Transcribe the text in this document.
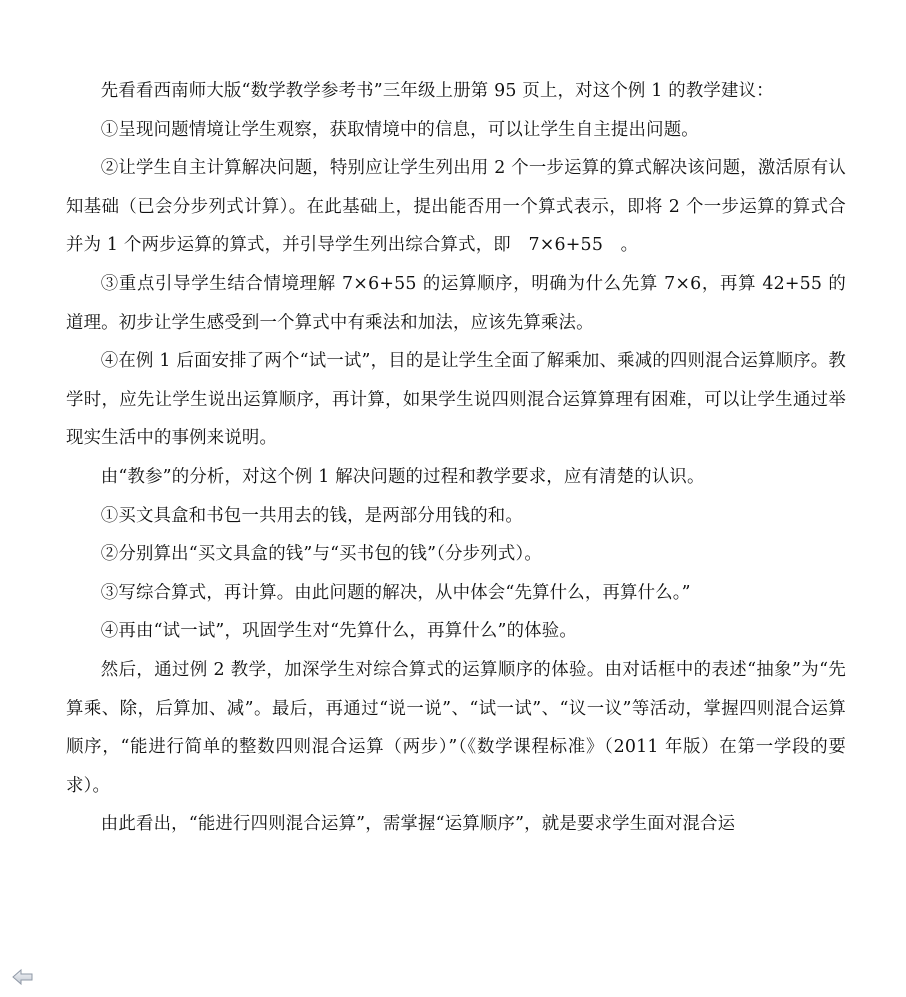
先看看西南师大版“数学教学参考书”三年级上册第 95 页上，对这个例 1 的教学建议：

①呈现问题情境让学生观察，获取情境中的信息，可以让学生自主提出问题。

②让学生自主计算解决问题，特别应让学生列出用 2 个一步运算的算式解决该问题，激活原有认知基础（已会分步列式计算）。在此基础上，提出能否用一个算式表示，即将 2 个一步运算的算式合并为 1 个两步运算的算式，并引导学生列出综合算式，即　7×6+55　。

③重点引导学生结合情境理解 7×6+55 的运算顺序，明确为什么先算 7×6，再算 42+55 的道理。初步让学生感受到一个算式中有乘法和加法，应该先算乘法。

④在例 1 后面安排了两个“试一试”，目的是让学生全面了解乘加、乘减的四则混合运算顺序。教学时，应先让学生说出运算顺序，再计算，如果学生说四则混合运算算理有困难，可以让学生通过举现实生活中的事例来说明。

由“教参”的分析，对这个例 1 解决问题的过程和教学要求，应有清楚的认识。

①买文具盒和书包一共用去的钱，是两部分用钱的和。

②分别算出“买文具盒的钱”与“买书包的钱”（分步列式）。

③写综合算式，再计算。由此问题的解决，从中体会“先算什么，再算什么。”

④再由“试一试”，巩固学生对“先算什么，再算什么”的体验。

然后，通过例 2 教学，加深学生对综合算式的运算顺序的体验。由对话框中的表述“抽象”为“先算乘、除，后算加、减”。最后，再通过“说一说”、“试一试”、“议一议”等活动，掌握四则混合运算顺序，“能进行简单的整数四则混合运算（两步）”（《数学课程标准》（2011 年版）在第一学段的要求）。

由此看出，“能进行四则混合运算”，需掌握“运算顺序”，就是要求学生面对混合运
